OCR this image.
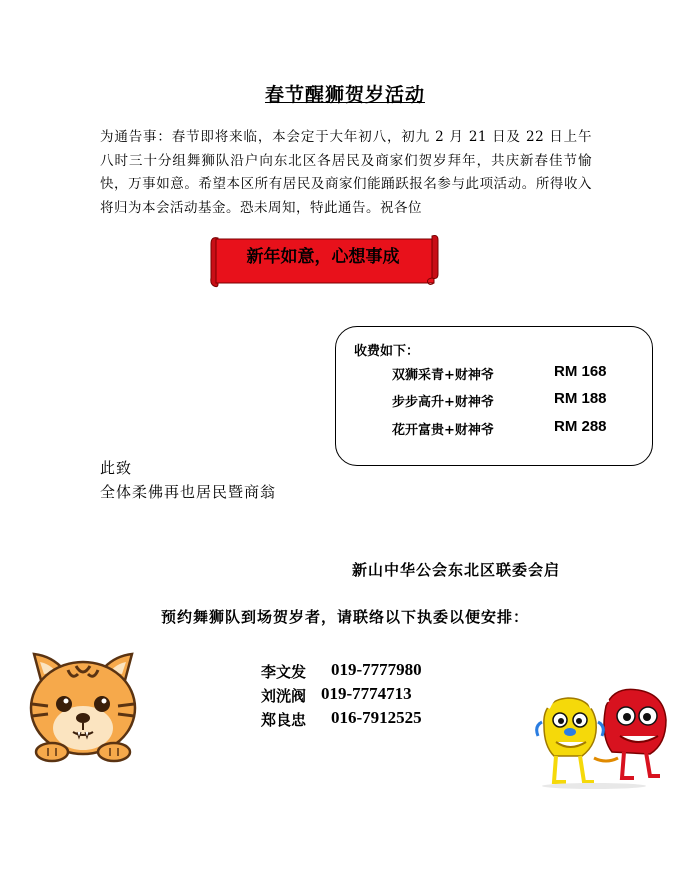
春节醒狮贺岁活动
为通告事：春节即将来临，本会定于大年初八，初九 2 月 21 日及 22 日上午八时三十分组舞狮队沿户向东北区各居民及商家们贺岁拜年，共庆新春佳节愉快，万事如意。希望本区所有居民及商家们能踊跃报名参与此项活动。所得收入将归为本会活动基金。恐未周知，特此通告。祝各位
新年如意，心想事成
收费如下：
双狮采青+财神爷	RM 168
步步高升+财神爷	RM 188
花开富贵+财神爷	RM 288
此致
全体柔佛再也居民暨商翁
新山中华公会东北区联委会启
预约舞狮队到场贺岁者，请联络以下执委以便安排：
李文发 019-7777980
刘洸阀 019-7774713
郑良忠 016-7912525
